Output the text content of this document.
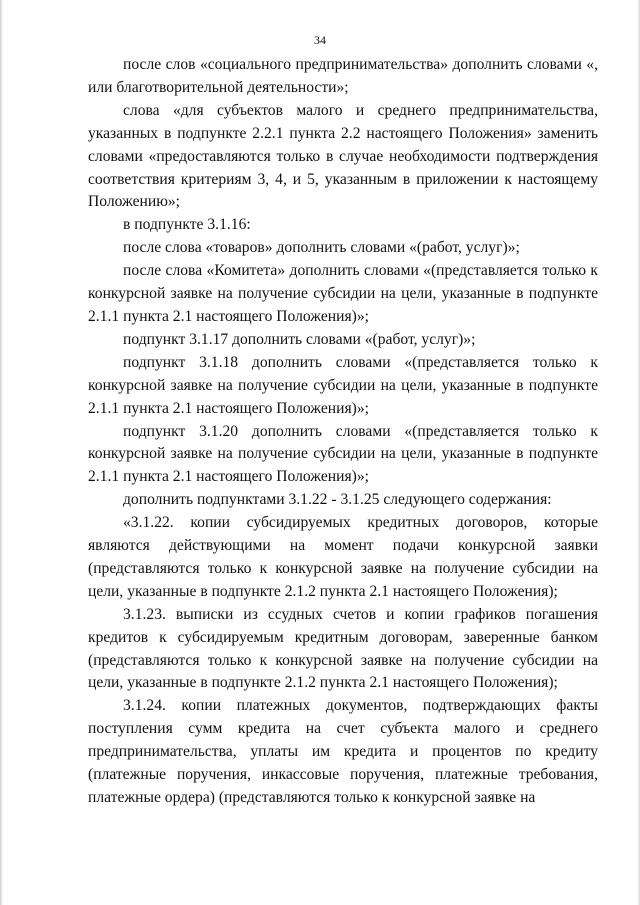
34

после слов «социального предпринимательства» дополнить словами «, или благотворительной деятельности»;

слова «для субъектов малого и среднего предпринимательства, указанных в подпункте 2.2.1 пункта 2.2 настоящего Положения» заменить словами «предоставляются только в случае необходимости подтверждения соответствия критериям 3, 4, и 5, указанным в приложении к настоящему Положению»;

в подпункте 3.1.16:

после слова «товаров» дополнить словами «(работ, услуг)»;

после слова «Комитета» дополнить словами «(представляется только к конкурсной заявке на получение субсидии на цели, указанные в подпункте 2.1.1 пункта 2.1 настоящего Положения)»;

подпункт 3.1.17 дополнить словами «(работ, услуг)»;

подпункт 3.1.18 дополнить словами «(представляется только к конкурсной заявке на получение субсидии на цели, указанные в подпункте 2.1.1 пункта 2.1 настоящего Положения)»;

подпункт 3.1.20 дополнить словами «(представляется только к конкурсной заявке на получение субсидии на цели, указанные в подпункте 2.1.1 пункта 2.1 настоящего Положения)»;

дополнить подпунктами 3.1.22 - 3.1.25 следующего содержания:

«3.1.22. копии субсидируемых кредитных договоров, которые являются действующими на момент подачи конкурсной заявки (представляются только к конкурсной заявке на получение субсидии на цели, указанные в подпункте 2.1.2 пункта 2.1 настоящего Положения);

3.1.23. выписки из ссудных счетов и копии графиков погашения кредитов к субсидируемым кредитным договорам, заверенные банком (представляются только к конкурсной заявке на получение субсидии на цели, указанные в подпункте 2.1.2 пункта 2.1 настоящего Положения);

3.1.24. копии платежных документов, подтверждающих факты поступления сумм кредита на счет субъекта малого и среднего предпринимательства, уплаты им кредита и процентов по кредиту (платежные поручения, инкассовые поручения, платежные требования, платежные ордера) (представляются только к конкурсной заявке на
